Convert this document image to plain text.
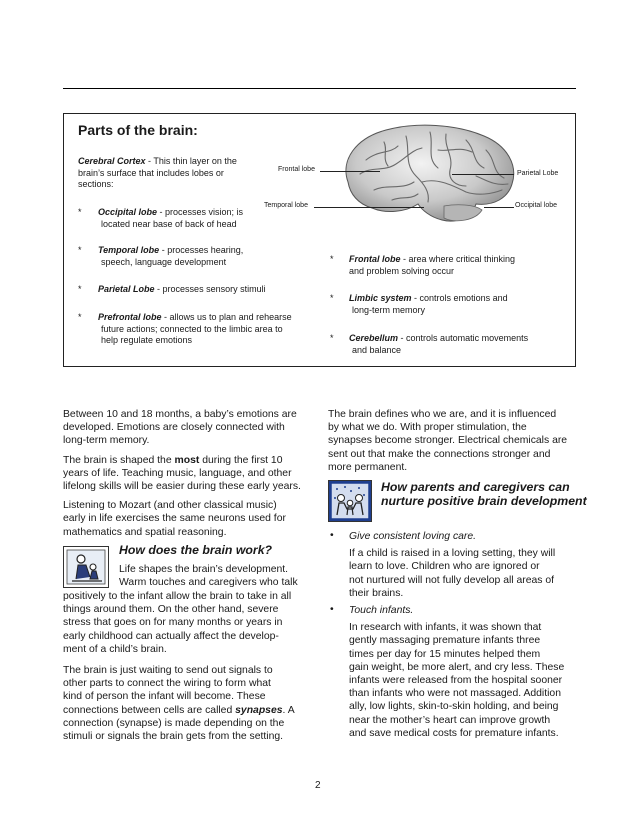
Parts of the brain:
Cerebral Cortex - This thin layer on the
brain’s surface that includes lobes or
sections:
* Occipital lobe - processes vision; is
located near base of back of head
* Temporal lobe - processes hearing,
speech, language development
* Parietal Lobe - processes sensory stimuli
* Prefrontal lobe - allows us to plan and rehearse
future actions; connected to the limbic area to
help regulate emotions
Frontal lobe
Temporal lobe
Parietal Lobe
Occipital lobe
* Frontal lobe - area where critical thinking
and problem solving occur
* Limbic system - controls emotions and
long-term memory
* Cerebellum - controls automatic movements
and balance

Between 10 and 18 months, a baby’s emotions are
developed. Emotions are closely connected with
long-term memory.

The brain is shaped the most during the first 10
years of life. Teaching music, language, and other
lifelong skills will be easier during these early years.

Listening to Mozart (and other classical music)
early in life exercises the same neurons used for
mathematics and spatial reasoning.

How does the brain work?
Life shapes the brain’s development.
Warm touches and caregivers who talk

positively to the infant allow the brain to take in all
things around them. On the other hand, severe
stress that goes on for many months or years in
early childhood can actually affect the develop-
ment of a child’s brain.

The brain is just waiting to send out signals to
other parts to connect the wiring to form what
kind of person the infant will become. These
connections between cells are called synapses. A
connection (synapse) is made depending on the
stimuli or signals the brain gets from the setting.

The brain defines who we are, and it is influenced
by what we do. With proper stimulation, the
synapses become stronger. Electrical chemicals are
sent out that make the connections stronger and
more permanent.

How parents and caregivers can
nurture positive brain development
• Give consistent loving care.

If a child is raised in a loving setting, they will
learn to love. Children who are ignored or
not nurtured will not fully develop all areas of
their brains.

• Touch infants.

In research with infants, it was shown that
gently massaging premature infants three
times per day for 15 minutes helped them
gain weight, be more alert, and cry less. These
infants were released from the hospital sooner
than infants who were not massaged. Addition
ally, low lights, skin-to-skin holding, and being
near the mother’s heart can improve growth
and save medical costs for premature infants.

2
